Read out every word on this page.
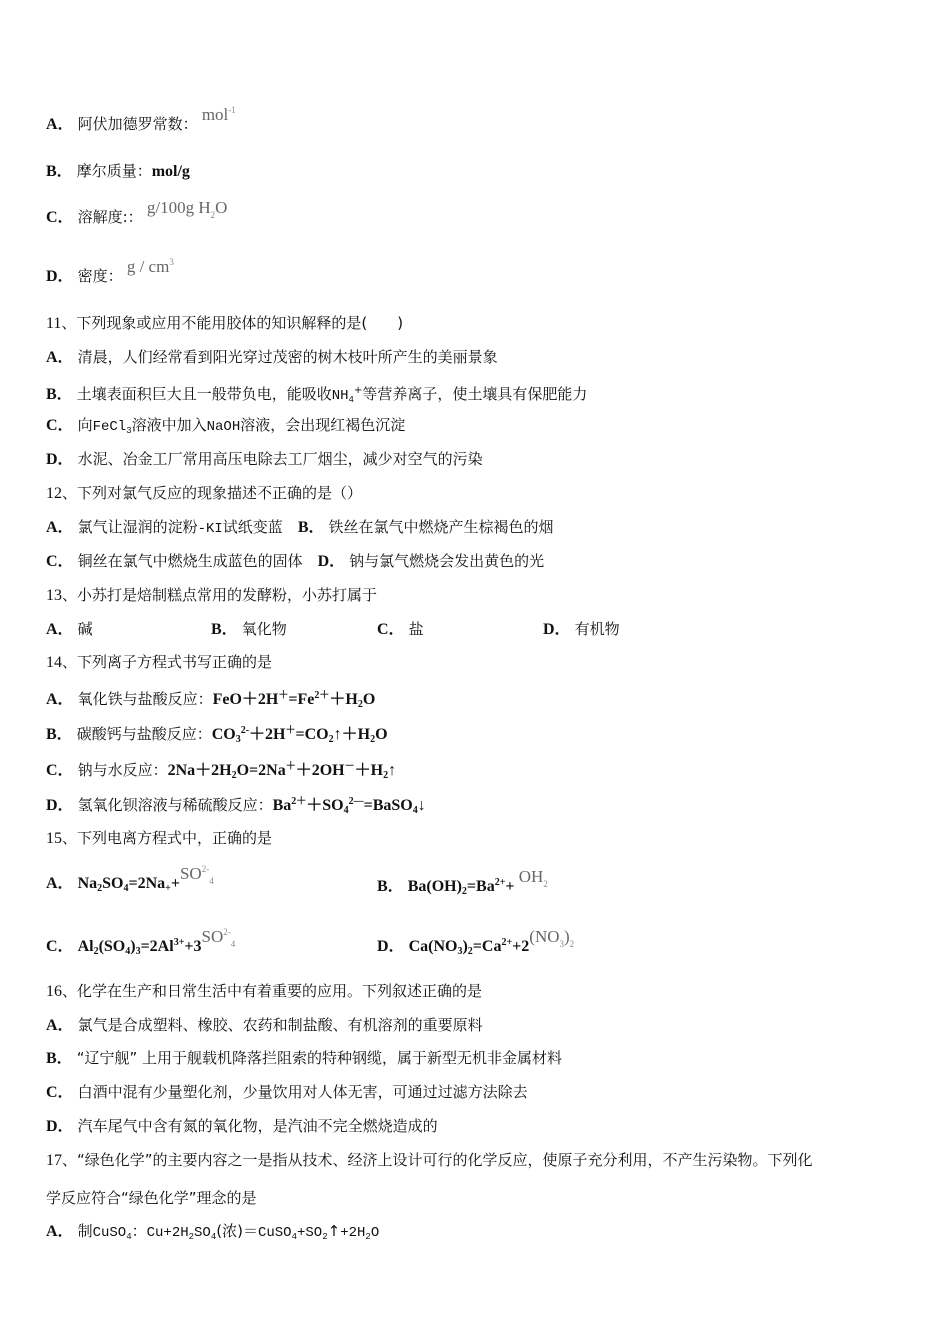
A． 阿伏加德罗常数： mol$^{-1}$
B． 摩尔质量：mol/g
C． 溶解度:： g/100g $H^2O$
D． 密度： g / $cm^3$
11、下列现象或应用不能用胶体的知识解释的是(　　)
A． 清晨，人们经常看到阳光穿过茂密的树木枝叶所产生的美丽景象
B． 土壤表面积巨大且一般带负电，能吸收$NH_4^+$等营养离子，使土壤具有保肥能力
C． 向FeCl$_3$溶液中加入NaOH溶液，会出现红褐色沉淀
D． 水泥、冶金工厂常用高压电除去工厂烟尘，减少对空气的污染
12、下列对氯气反应的现象描述不正确的是（）
A． 氯气让湿润的淀粉-KI试纸变蓝　B． 铁丝在氯气中燃烧产生棕褐色的烟
C． 铜丝在氯气中燃烧生成蓝色的固体　D． 钠与氯气燃烧会发出黄色的光
13、小苏打是焙制糕点常用的发酵粉，小苏打属于
A． 碱	B． 氧化物	C． 盐	D． 有机物
14、下列离子方程式书写正确的是
A． 氧化铁与盐酸反应：$FeO+2H^+=Fe^{2+}+H_2O$
B． 碳酸钙与盐酸反应：$CO_3^{2-}+2H^+=CO_2↑+H_2O$
C． 钠与水反应：$2Na+2H_2O=2Na^++2OH^-+H_2↑$
D． 氢氧化钡溶液与稀硫酸反应：$Ba^{2+}+SO_4^{2—}=BaSO_4↓$
15、下列电离方程式中，正确的是
A． $Na_2SO_4=2Na_++SO^{2-4}$	B． $Ba(OH)_2=Ba^{2+}+ OH^2$
C． $Al_2(SO_4)_3=2Al^{3+}+3SO^{2-4}$	D． $Ca(NO_3)_2=Ca^{2+}+2(NO^3)^2$
16、化学在生产和日常生活中有着重要的应用。下列叙述正确的是
A． 氯气是合成塑料、橡胶、农药和制盐酸、有机溶剂的重要原料
B． “辽宁舰” 上用于舰载机降落拦阻索的特种钢缆，属于新型无机非金属材料
C． 白酒中混有少量塑化剂，少量饮用对人体无害，可通过过滤方法除去
D． 汽车尾气中含有氮的氧化物，是汽油不完全燃烧造成的
17、“绿色化学”的主要内容之一是指从技术、经济上设计可行的化学反应，使原子充分利用，不产生污染物。下列化
学反应符合“绿色化学”理念的是
A． 制CuSO$_4$：$Cu+2H_2SO_4$(浓)$=CuSO_4+SO_2↑+2H_2O$
